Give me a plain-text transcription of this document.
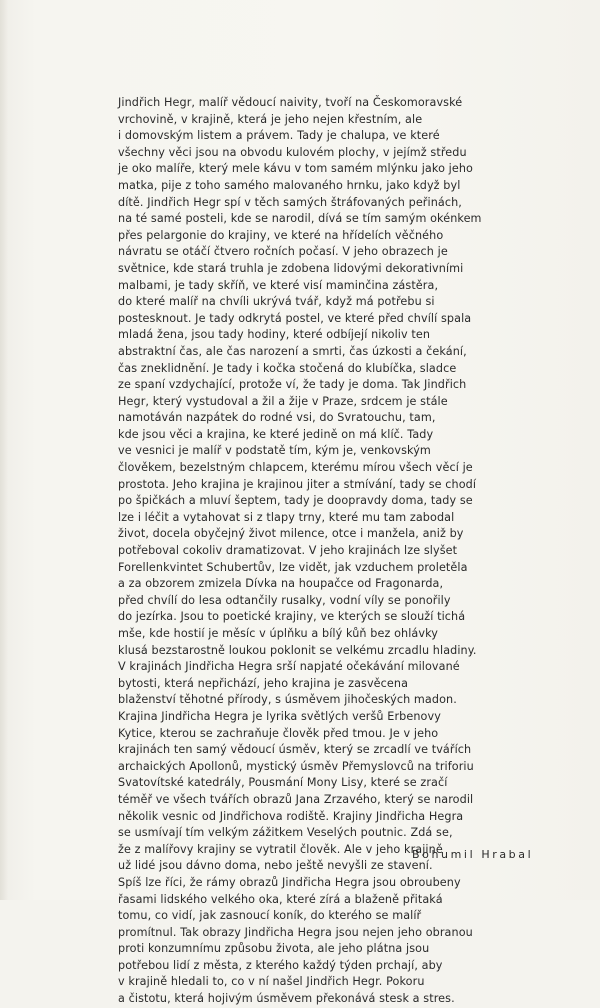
Jindřich Hegr, malíř vědoucí naivity, tvoří na Českomoravské
vrchovině, v krajině, která je jeho nejen křestním, ale
i domovským listem a právem. Tady je chalupa, ve které
všechny věci jsou na obvodu kulovém plochy, v jejímž středu
je oko malíře, který mele kávu v tom samém mlýnku jako jeho
matka, pije z toho samého malovaného hrnku, jako když byl
dítě. Jindřich Hegr spí v těch samých štráfovaných peřinách,
na té samé posteli, kde se narodil, dívá se tím samým okénkem
přes pelargonie do krajiny, ve které na hřídelích věčného
návratu se otáčí čtvero ročních počasí. V jeho obrazech je
světnice, kde stará truhla je zdobena lidovými dekorativními
malbami, je tady skříň, ve které visí maminčina zástěra,
do které malíř na chvíli ukrývá tvář, když má potřebu si
postesknout. Je tady odkrytá postel, ve které před chvílí spala
mladá žena, jsou tady hodiny, které odbíjejí nikoliv ten
abstraktní čas, ale čas narození a smrti, čas úzkosti a čekání,
čas zneklidnění. Je tady i kočka stočená do klubíčka, sladce
ze spaní vzdychající, protože ví, že tady je doma. Tak Jindřich
Hegr, který vystudoval a žil a žije v Praze, srdcem je stále
namotáván nazpátek do rodné vsi, do Svratouchu, tam,
kde jsou věci a krajina, ke které jedině on má klíč. Tady
ve vesnici je malíř v podstatě tím, kým je, venkovským
člověkem, bezelstným chlapcem, kterému mírou všech věcí je
prostota. Jeho krajina je krajinou jiter a stmívání, tady se chodí
po špičkách a mluví šeptem, tady je doopravdy doma, tady se
lze i léčit a vytahovat si z tlapy trny, které mu tam zabodal
život, docela obyčejný život milence, otce i manžela, aniž by
potřeboval cokoliv dramatizovat. V jeho krajinách lze slyšet
Forellenkvintet Schubertův, lze vidět, jak vzduchem proletěla
a za obzorem zmizela Dívka na houpačce od Fragonarda,
před chvílí do lesa odtančily rusalky, vodní víly se ponořily
do jezírka. Jsou to poetické krajiny, ve kterých se slouží tichá
mše, kde hostií je měsíc v úplňku a bílý kůň bez ohlávky
klusá bezstarostně loukou poklonit se velkému zrcadlu hladiny.
V krajinách Jindřicha Hegra srší napjaté očekávání milované
bytosti, která nepřichází, jeho krajina je zasvěcena
blaženství těhotné přírody, s úsměvem jihočeských madon.
Krajina Jindřicha Hegra je lyrika světlých veršů Erbenovy
Kytice, kterou se zachraňuje člověk před tmou. Je v jeho
krajinách ten samý vědoucí úsměv, který se zrcadlí ve tvářích
archaických Apollonů, mystický úsměv Přemyslovců na triforiu
Svatovítské katedrály, Pousmání Mony Lisy, které se zračí
téměř ve všech tvářích obrazů Jana Zrzavého, který se narodil
několik vesnic od Jindřichova rodiště. Krajiny Jindřicha Hegra
se usmívají tím velkým zážitkem Veselých poutnic. Zdá se,
že z malířovy krajiny se vytratil člověk. Ale v jeho krajině
už lidé jsou dávno doma, nebo ještě nevyšli ze stavení.
Spíš lze říci, že rámy obrazů Jindřicha Hegra jsou obroubeny
řasami lidského velkého oka, které zírá a blaženě přitaká
tomu, co vidí, jak zasnoucí koník, do kterého se malíř
promítnul. Tak obrazy Jindřicha Hegra jsou nejen jeho obranou
proti konzumnímu způsobu života, ale jeho plátna jsou
potřebou lidí z města, z kterého každý týden prchají, aby
v krajině hledali to, co v ní našel Jindřich Hegr. Pokoru
a čistotu, která hojivým úsměvem překonává stesk a stres.
Bohumil Hrabal
